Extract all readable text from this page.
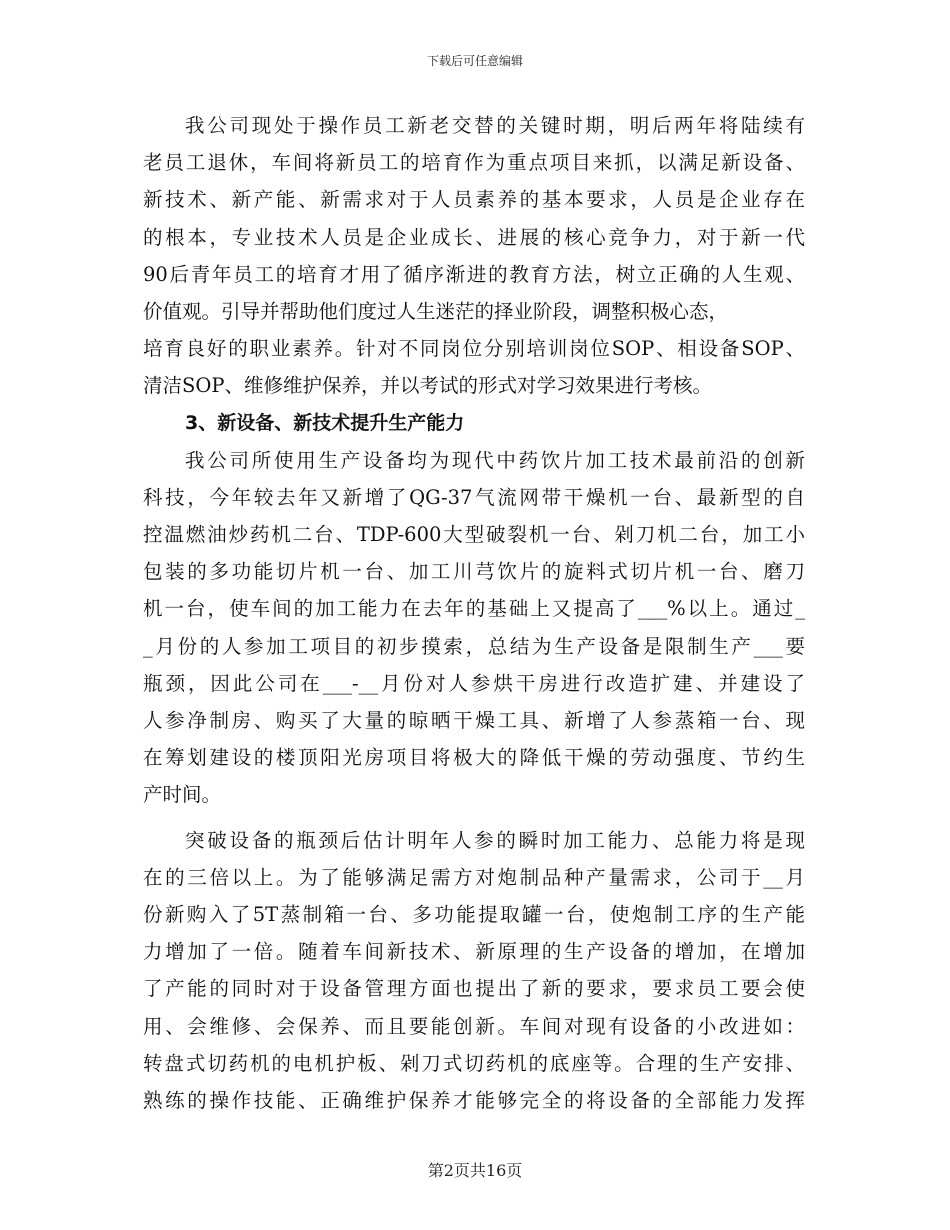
下载后可任意编辑
我公司现处于操作员工新老交替的关键时期，明后两年将陆续有
老员工退休，车间将新员工的培育作为重点项目来抓，以满足新设备、
新技术、新产能、新需求对于人员素养的基本要求，人员是企业存在
的根本，专业技术人员是企业成长、进展的核心竞争力，对于新一代
90后青年员工的培育才用了循序渐进的教育方法，树立正确的人生观、
价值观。引导并帮助他们度过人生迷茫的择业阶段，调整积极心态，
培育良好的职业素养。针对不同岗位分别培训岗位SOP、相设备SOP、
清洁SOP、维修维护保养，并以考试的形式对学习效果进行考核。
3、新设备、新技术提升生产能力
我公司所使用生产设备均为现代中药饮片加工技术最前沿的创新
科技，今年较去年又新增了QG-37气流网带干燥机一台、最新型的自
控温燃油炒药机二台、TDP-600大型破裂机一台、剁刀机二台，加工小
包装的多功能切片机一台、加工川芎饮片的旋料式切片机一台、磨刀
机一台，使车间的加工能力在去年的基础上又提高了___%以上。通过_
_月份的人参加工项目的初步摸索，总结为生产设备是限制生产___要
瓶颈，因此公司在___-__月份对人参烘干房进行改造扩建、并建设了
人参净制房、购买了大量的晾晒干燥工具、新增了人参蒸箱一台、现
在筹划建设的楼顶阳光房项目将极大的降低干燥的劳动强度、节约生
产时间。
突破设备的瓶颈后估计明年人参的瞬时加工能力、总能力将是现
在的三倍以上。为了能够满足需方对炮制品种产量需求，公司于__月
份新购入了5T蒸制箱一台、多功能提取罐一台，使炮制工序的生产能
力增加了一倍。随着车间新技术、新原理的生产设备的增加，在增加
了产能的同时对于设备管理方面也提出了新的要求，要求员工要会使
用、会维修、会保养、而且要能创新。车间对现有设备的小改进如：
转盘式切药机的电机护板、剁刀式切药机的底座等。合理的生产安排、
熟练的操作技能、正确维护保养才能够完全的将设备的全部能力发挥
第2页共16页
